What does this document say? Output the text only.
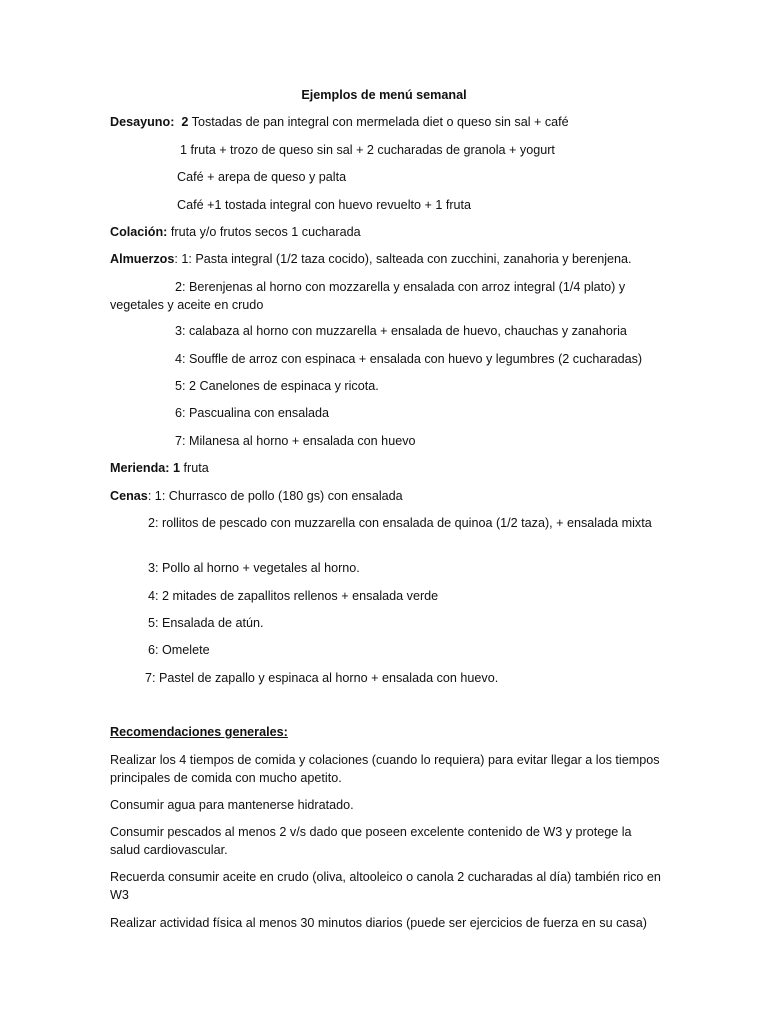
Ejemplos de menú semanal

Desayuno: 2 Tostadas de pan integral con mermelada diet o queso sin sal + café

1 fruta + trozo de queso sin sal + 2 cucharadas de granola + yogurt

Café + arepa de queso y palta

Café +1 tostada integral con huevo revuelto + 1 fruta

Colación: fruta y/o frutos secos 1 cucharada

Almuerzos: 1: Pasta integral (1/2 taza cocido), salteada con zucchini, zanahoria y berenjena.

2: Berenjenas al horno con mozzarella y ensalada con arroz integral (1/4 plato) y vegetales y aceite en crudo

3: calabaza al horno con muzzarella + ensalada de huevo, chauchas y zanahoria

4: Souffle de arroz con espinaca + ensalada con huevo y legumbres (2 cucharadas)

5: 2 Canelones de espinaca y ricota.

6: Pascualina con ensalada

7: Milanesa al horno + ensalada con huevo

Merienda: 1 fruta

Cenas: 1: Churrasco de pollo (180 gs) con ensalada

2: rollitos de pescado con muzzarella con ensalada de quinoa (1/2 taza), + ensalada mixta

3: Pollo al horno + vegetales al horno.

4: 2 mitades de zapallitos rellenos + ensalada verde

5: Ensalada de atún.

6: Omelete

7: Pastel de zapallo y espinaca al horno + ensalada con huevo.

Recomendaciones generales:

Realizar los 4 tiempos de comida y colaciones (cuando lo requiera) para evitar llegar a los tiempos principales de comida con mucho apetito.

Consumir agua para mantenerse hidratado.

Consumir pescados al menos 2 v/s dado que poseen excelente contenido de W3 y protege la salud cardiovascular.

Recuerda consumir aceite en crudo (oliva, altooleico o canola 2 cucharadas al día) también rico en W3

Realizar actividad física al menos 30 minutos diarios (puede ser ejercicios de fuerza en su casa)
